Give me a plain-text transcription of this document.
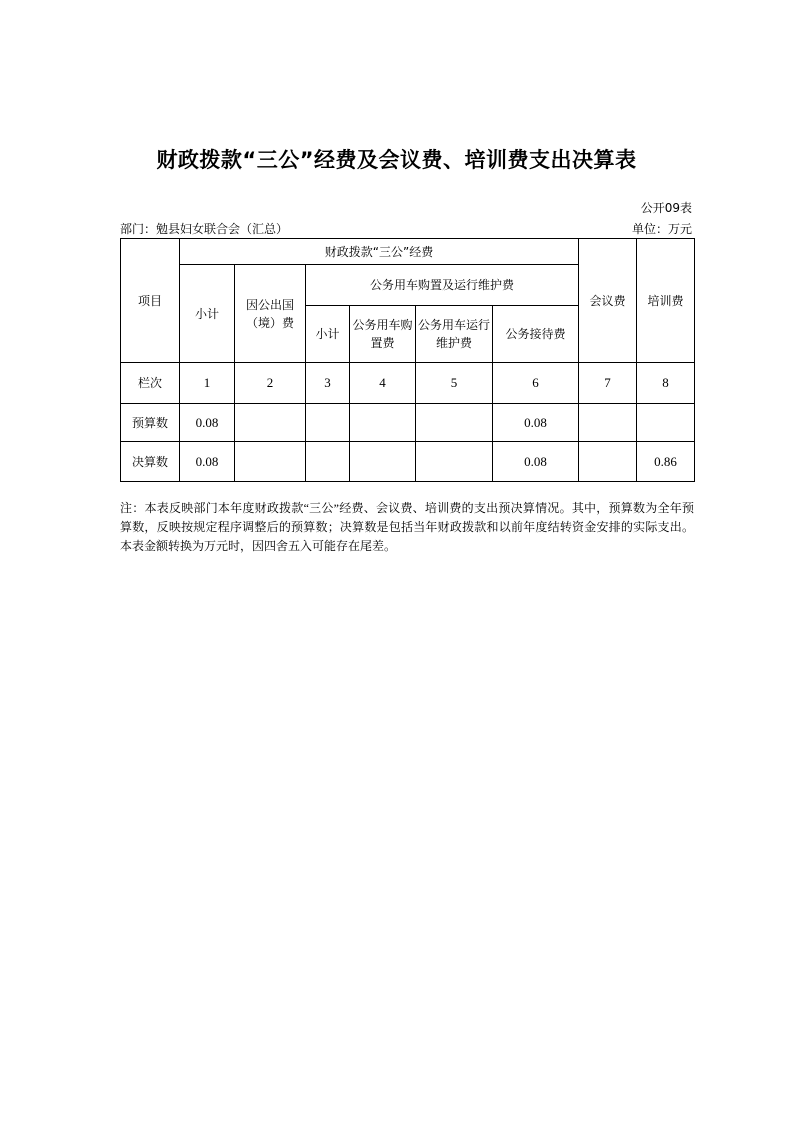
财政拨款“三公”经费及会议费、培训费支出决算表
公开09表
部门：勉县妇女联合会（汇总）	单位：万元
项目	财政拨款“三公”经费						会议费	培训费
	小计	因公出国（境）费	公务用车购置及运行维护费					
			小计	公务用车购置费	公务用车运行维护费	公务接待费		
栏次	1	2	3	4	5	6	7	8
预算数	0.08					0.08		
决算数	0.08					0.08		0.86
注：本表反映部门本年度财政拨款“三公”经费、会议费、培训费的支出预决算情况。其中，预算数为全年预算数，反映按规定程序调整后的预算数；决算数是包括当年财政拨款和以前年度结转资金安排的实际支出。本表金额转换为万元时，因四舍五入可能存在尾差。
